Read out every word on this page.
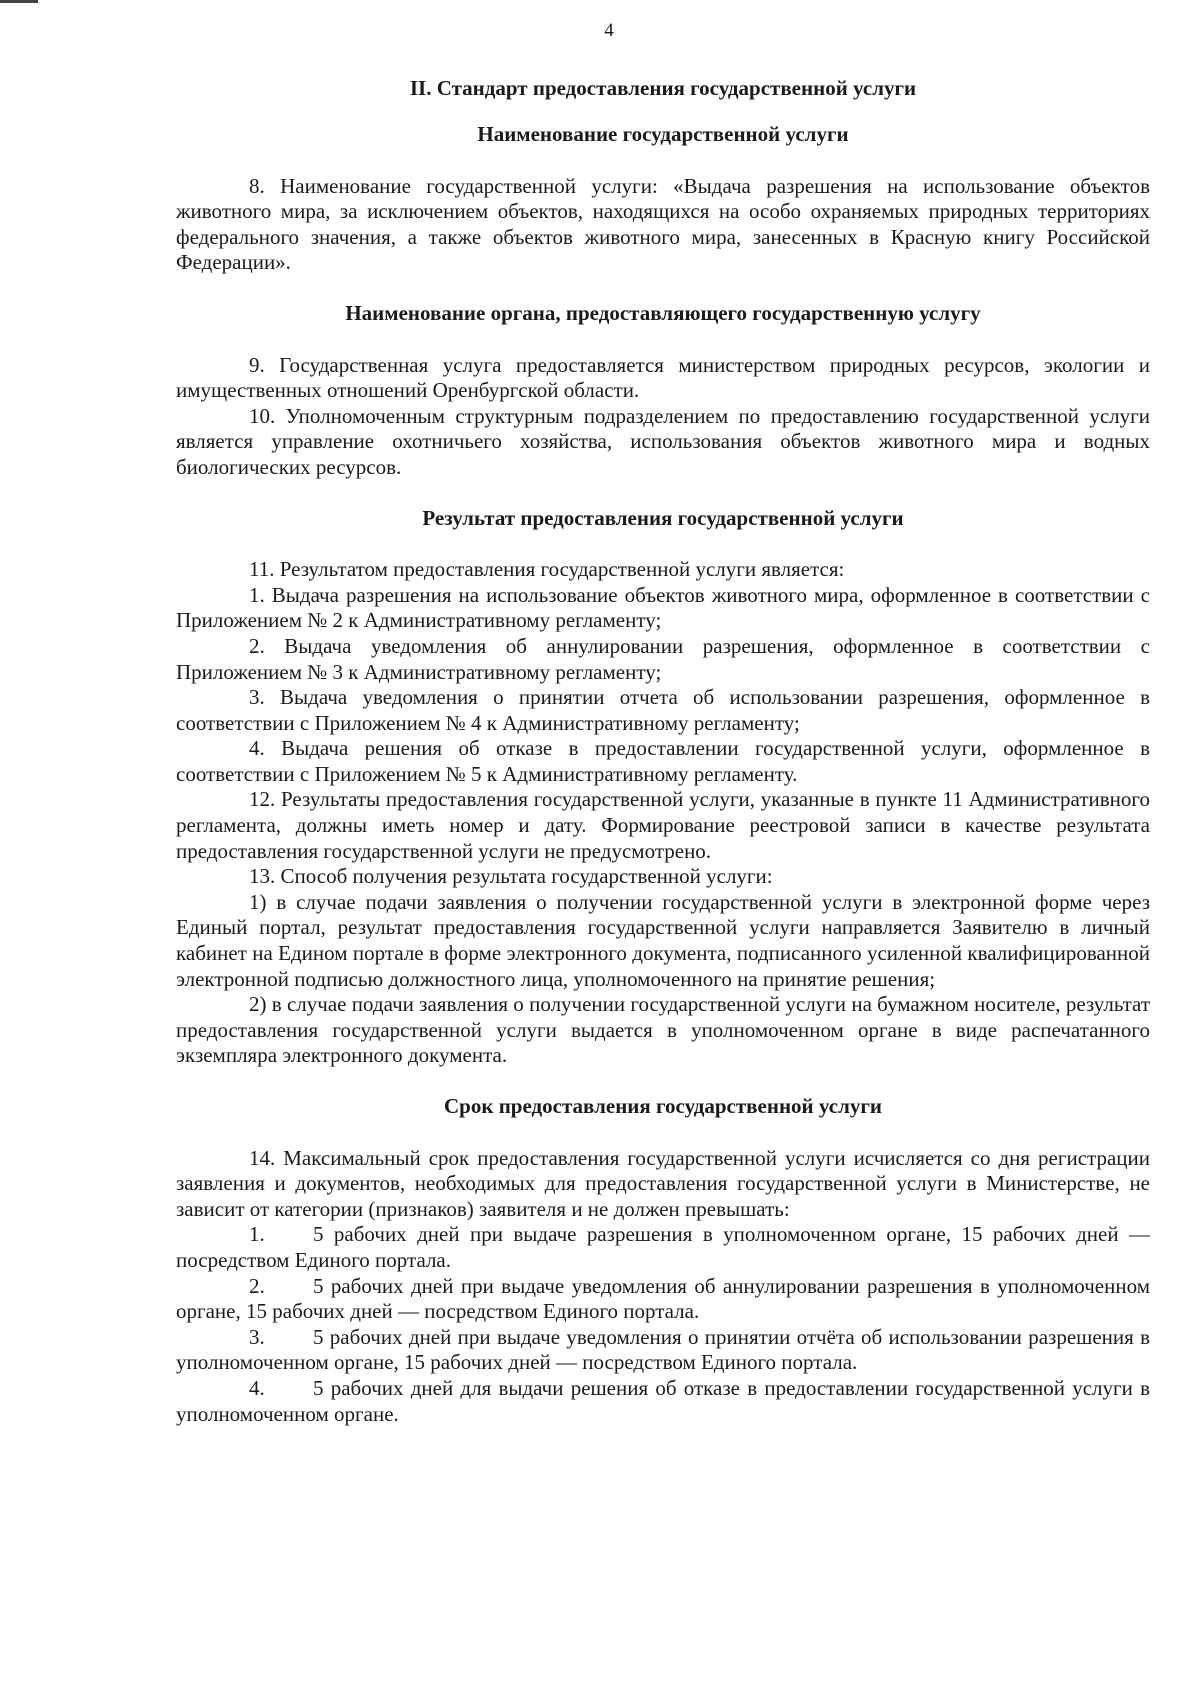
4
II. Стандарт предоставления государственной услуги
Наименование государственной услуги

8. Наименование государственной услуги: «Выдача разрешения на использование объектов животного мира, за исключением объектов, находящихся на особо охраняемых природных территориях федерального значения, а также объектов животного мира, занесенных в Красную книгу Российской Федерации».

Наименование органа, предоставляющего государственную услугу

9. Государственная услуга предоставляется министерством природных ресурсов, экологии и имущественных отношений Оренбургской области.

10. Уполномоченным структурным подразделением по предоставлению государственной услуги является управление охотничьего хозяйства, использования объектов животного мира и водных биологических ресурсов.

Результат предоставления государственной услуги

11. Результатом предоставления государственной услуги является:

1. Выдача разрешения на использование объектов животного мира, оформленное в соответствии с Приложением № 2 к Административному регламенту;

2. Выдача уведомления об аннулировании разрешения, оформленное в соответствии с Приложением № 3 к Административному регламенту;

3. Выдача уведомления о принятии отчета об использовании разрешения, оформленное в соответствии с Приложением № 4 к Административному регламенту;

4. Выдача решения об отказе в предоставлении государственной услуги, оформленное в соответствии с Приложением № 5 к Административному регламенту.

12. Результаты предоставления государственной услуги, указанные в пункте 11 Административного регламента, должны иметь номер и дату. Формирование реестровой записи в качестве результата предоставления государственной услуги не предусмотрено.

13. Способ получения результата государственной услуги:

1) в случае подачи заявления о получении государственной услуги в электронной форме через Единый портал, результат предоставления государственной услуги направляется Заявителю в личный кабинет на Едином портале в форме электронного документа, подписанного усиленной квалифицированной электронной подписью должностного лица, уполномоченного на принятие решения;

2) в случае подачи заявления о получении государственной услуги на бумажном носителе, результат предоставления государственной услуги выдается в уполномоченном органе в виде распечатанного экземпляра электронного документа.

Срок предоставления государственной услуги

14. Максимальный срок предоставления государственной услуги исчисляется со дня регистрации заявления и документов, необходимых для предоставления государственной услуги в Министерстве, не зависит от категории (признаков) заявителя и не должен превышать:

1. 5 рабочих дней при выдаче разрешения в уполномоченном органе, 15 рабочих дней — посредством Единого портала.
2. 5 рабочих дней при выдаче уведомления об аннулировании разрешения в уполномоченном органе, 15 рабочих дней — посредством Единого портала.
3. 5 рабочих дней при выдаче уведомления о принятии отчёта об использовании разрешения в уполномоченном органе, 15 рабочих дней — посредством Единого портала.
4. 5 рабочих дней для выдачи решения об отказе в предоставлении государственной услуги в уполномоченном органе.
